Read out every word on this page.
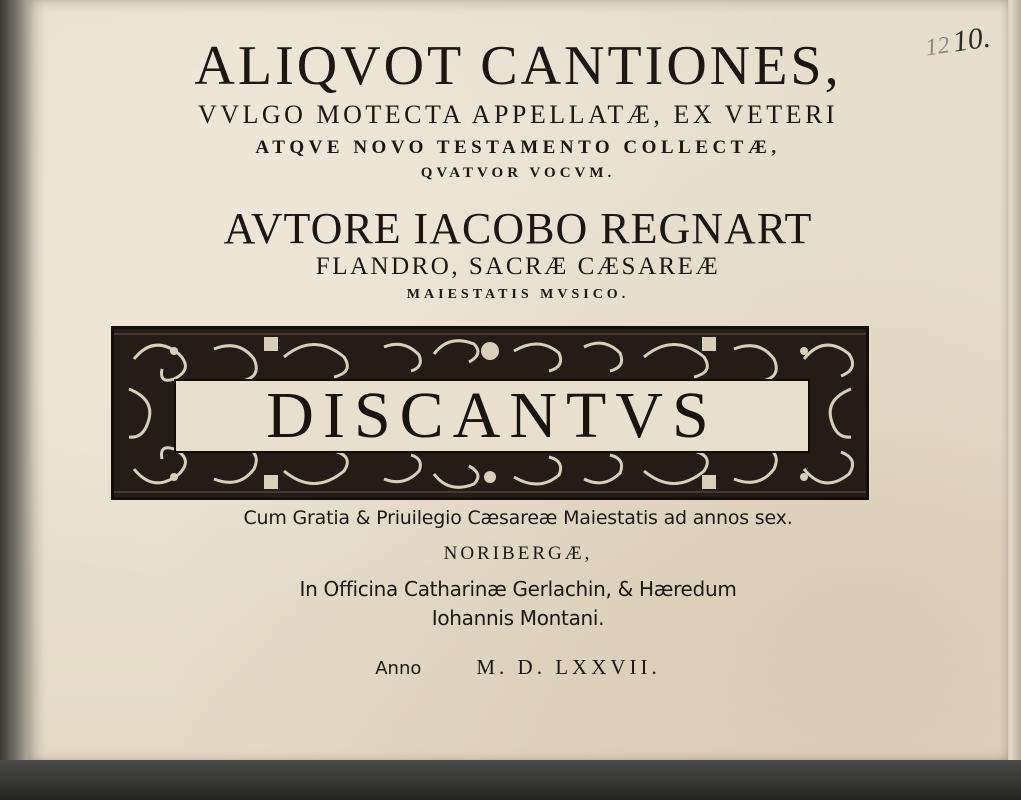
ALIQVOT CANTIONES,
VVLGO MOTECTA APPELLATÆ, EX VETERI
ATQVE NOVO TESTAMENTO COLLECTÆ,
QVATVOR VOCVM.
AVTORE IACOBO REGNART
FLANDRO, SACRÆ CÆSAREÆ
MAIESTATIS MVSICO.
DISCANTVS
Cum Gratia & Priuilegio Cæsareæ Maiestatis ad annos sex.
NORIBERGÆ,
In Officina Catharinæ Gerlachin, & Hæredum
Iohannis Montani.
Anno	M. D. LXXVII.
1210.
